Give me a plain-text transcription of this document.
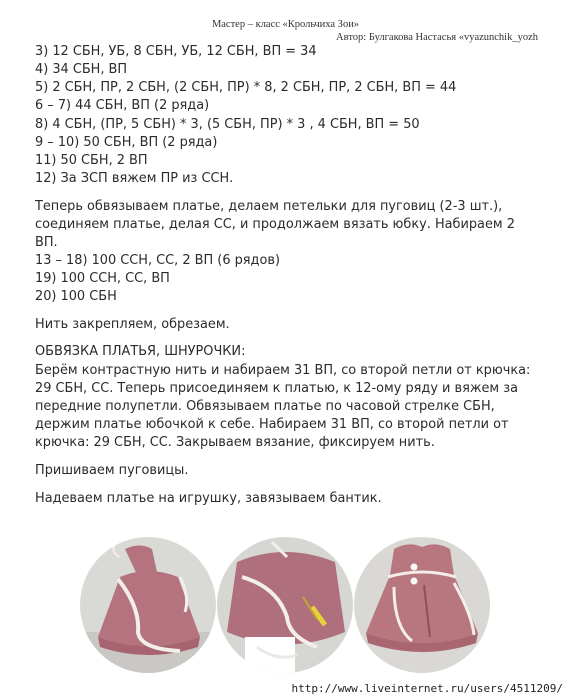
Мастер – класс «Крольчиха Зои»
Автор: Булгакова Настасья «vyazunchik_yozh
3) 12 СБН, УБ, 8 СБН, УБ, 12 СБН, ВП = 34
4) 34 СБН, ВП
5) 2 СБН, ПР, 2 СБН, (2 СБН, ПР) * 8, 2 СБН, ПР, 2 СБН, ВП = 44
6 – 7) 44 СБН, ВП (2 ряда)
8) 4 СБН, (ПР, 5 СБН) * 3, (5 СБН, ПР) * 3 , 4 СБН, ВП = 50
9 – 10) 50 СБН, ВП (2 ряда)
11) 50 СБН, 2 ВП
12) За ЗСП вяжем ПР из ССН.
Теперь обвязываем платье, делаем петельки для пуговиц (2-3 шт.),
соединяем платье, делая СС, и продолжаем вязать юбку. Набираем 2
ВП.
13 – 18) 100 ССН, СС, 2 ВП (6 рядов)
19) 100 ССН, СС, ВП
20) 100 СБН
Нить закрепляем, обрезаем.
ОБВЯЗКА ПЛАТЬЯ, ШНУРОЧКИ:
Берём контрастную нить и набираем 31 ВП, со второй петли от крючка:
29 СБН, СС. Теперь присоединяем к платью, к 12-ому ряду и вяжем за
передние полупетли. Обвязываем платье по часовой стрелке СБН,
держим платье юбочкой к себе. Набираем 31 ВП, со второй петли от
крючка: 29 СБН, СС. Закрываем вязание, фиксируем нить.
Пришиваем пуговицы.
Надеваем платье на игрушку, завязываем бантик.
http://www.liveinternet.ru/users/4511209/
